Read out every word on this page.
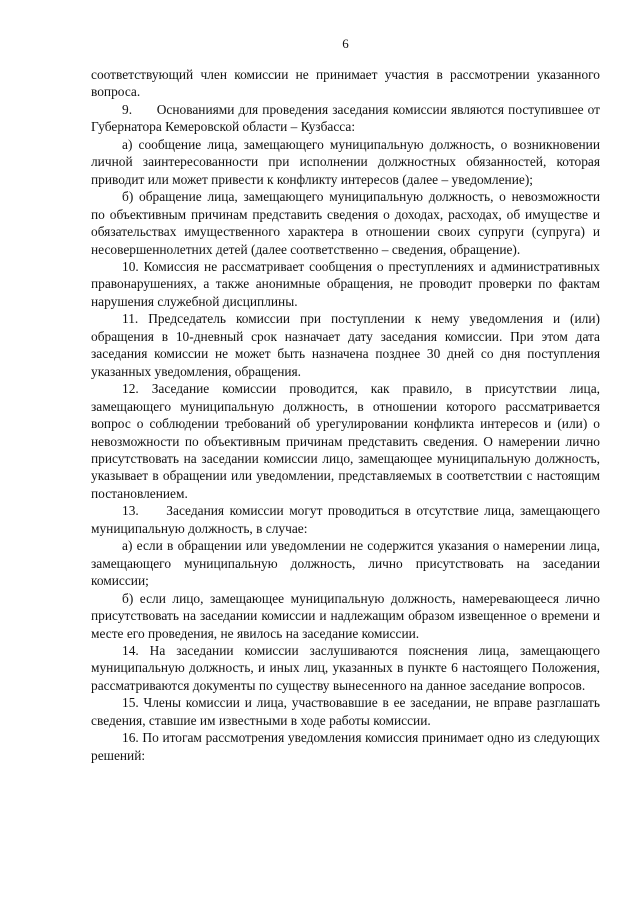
6

соответствующий член комиссии не принимает участия в рассмотрении указанного вопроса.

9.      Основаниями для проведения заседания комиссии являются поступившее от Губернатора Кемеровской области – Кузбасса:

а) сообщение лица, замещающего муниципальную должность, о возникновении личной заинтересованности при исполнении должностных обязанностей, которая приводит или может привести к конфликту интересов (далее – уведомление);

б) обращение лица, замещающего муниципальную должность, о невозможности по объективным причинам представить сведения о доходах, расходах, об имуществе и обязательствах имущественного характера в отношении своих супруги (супруга) и несовершеннолетних детей (далее соответственно – сведения, обращение).

10. Комиссия не рассматривает сообщения о преступлениях и административных правонарушениях, а также анонимные обращения, не проводит проверки по фактам нарушения служебной дисциплины.

11. Председатель комиссии при поступлении к нему уведомления и (или) обращения в 10-дневный срок назначает дату заседания комиссии. При этом дата заседания комиссии не может быть назначена позднее 30 дней со дня поступления указанных уведомления, обращения.

12. Заседание комиссии проводится, как правило, в присутствии лица, замещающего муниципальную должность, в отношении которого рассматривается вопрос о соблюдении требований об урегулировании конфликта интересов и (или) о невозможности по объективным причинам представить сведения. О намерении лично присутствовать на заседании комиссии лицо, замещающее муниципальную должность, указывает в обращении или уведомлении, представляемых в соответствии с настоящим постановлением.

13.     Заседания комиссии могут проводиться в отсутствие лица, замещающего муниципальную должность, в случае:

а) если в обращении или уведомлении не содержится указания о намерении лица, замещающего муниципальную должность, лично присутствовать на заседании комиссии;

б) если лицо, замещающее муниципальную должность, намеревающееся лично присутствовать на заседании комиссии и надлежащим образом извещенное о времени и месте его проведения, не явилось на заседание комиссии.

14. На заседании комиссии заслушиваются пояснения лица, замещающего муниципальную должность, и иных лиц, указанных в пункте 6 настоящего Положения, рассматриваются документы по существу вынесенного на данное заседание вопросов.

15. Члены комиссии и лица, участвовавшие в ее заседании, не вправе разглашать сведения, ставшие им известными в ходе работы комиссии.

16. По итогам рассмотрения уведомления комиссия принимает одно из следующих решений:
